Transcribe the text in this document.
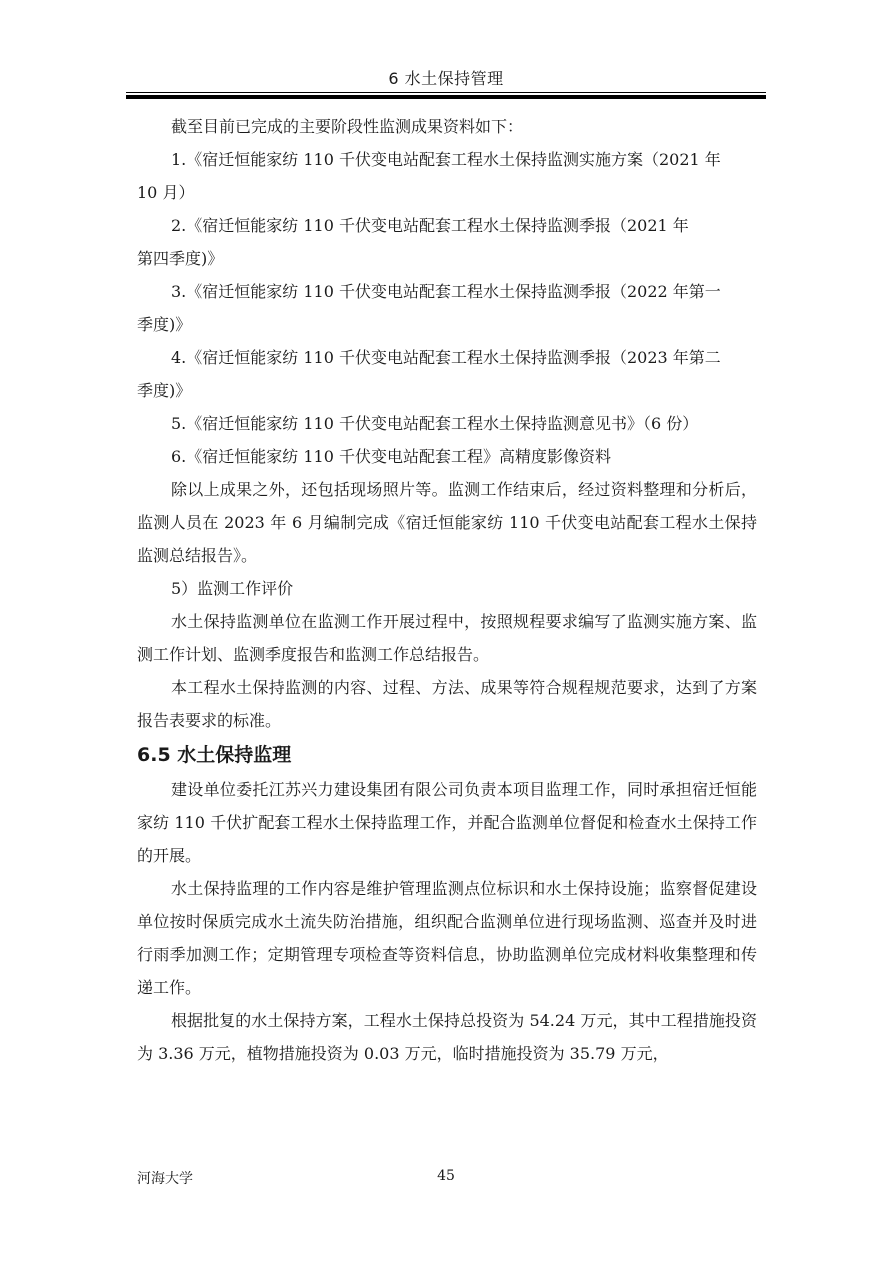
6 水土保持管理

截至目前已完成的主要阶段性监测成果资料如下：

1.《宿迁恒能家纺 110 千伏变电站配套工程水土保持监测实施方案（2021 年

10 月）

2.《宿迁恒能家纺 110 千伏变电站配套工程水土保持监测季报（2021 年

第四季度)》

3.《宿迁恒能家纺 110 千伏变电站配套工程水土保持监测季报（2022 年第一

季度)》

4.《宿迁恒能家纺 110 千伏变电站配套工程水土保持监测季报（2023 年第二

季度)》

5.《宿迁恒能家纺 110 千伏变电站配套工程水土保持监测意见书》（6 份）

6.《宿迁恒能家纺 110 千伏变电站配套工程》高精度影像资料

除以上成果之外，还包括现场照片等。监测工作结束后，经过资料整理和分析后，监测人员在 2023 年 6 月编制完成《宿迁恒能家纺 110 千伏变电站配套工程水土保持监测总结报告》。

5）监测工作评价

水土保持监测单位在监测工作开展过程中，按照规程要求编写了监测实施方案、监测工作计划、监测季度报告和监测工作总结报告。

本工程水土保持监测的内容、过程、方法、成果等符合规程规范要求，达到了方案报告表要求的标准。

6.5 水土保持监理

建设单位委托江苏兴力建设集团有限公司负责本项目监理工作，同时承担宿迁恒能家纺 110 千伏扩配套工程水土保持监理工作，并配合监测单位督促和检查水土保持工作的开展。

水土保持监理的工作内容是维护管理监测点位标识和水土保持设施；监察督促建设单位按时保质完成水土流失防治措施，组织配合监测单位进行现场监测、巡查并及时进行雨季加测工作；定期管理专项检查等资料信息，协助监测单位完成材料收集整理和传递工作。

根据批复的水土保持方案，工程水土保持总投资为 54.24 万元，其中工程措施投资为 3.36 万元，植物措施投资为 0.03 万元，临时措施投资为 35.79 万元，

河海大学	45
